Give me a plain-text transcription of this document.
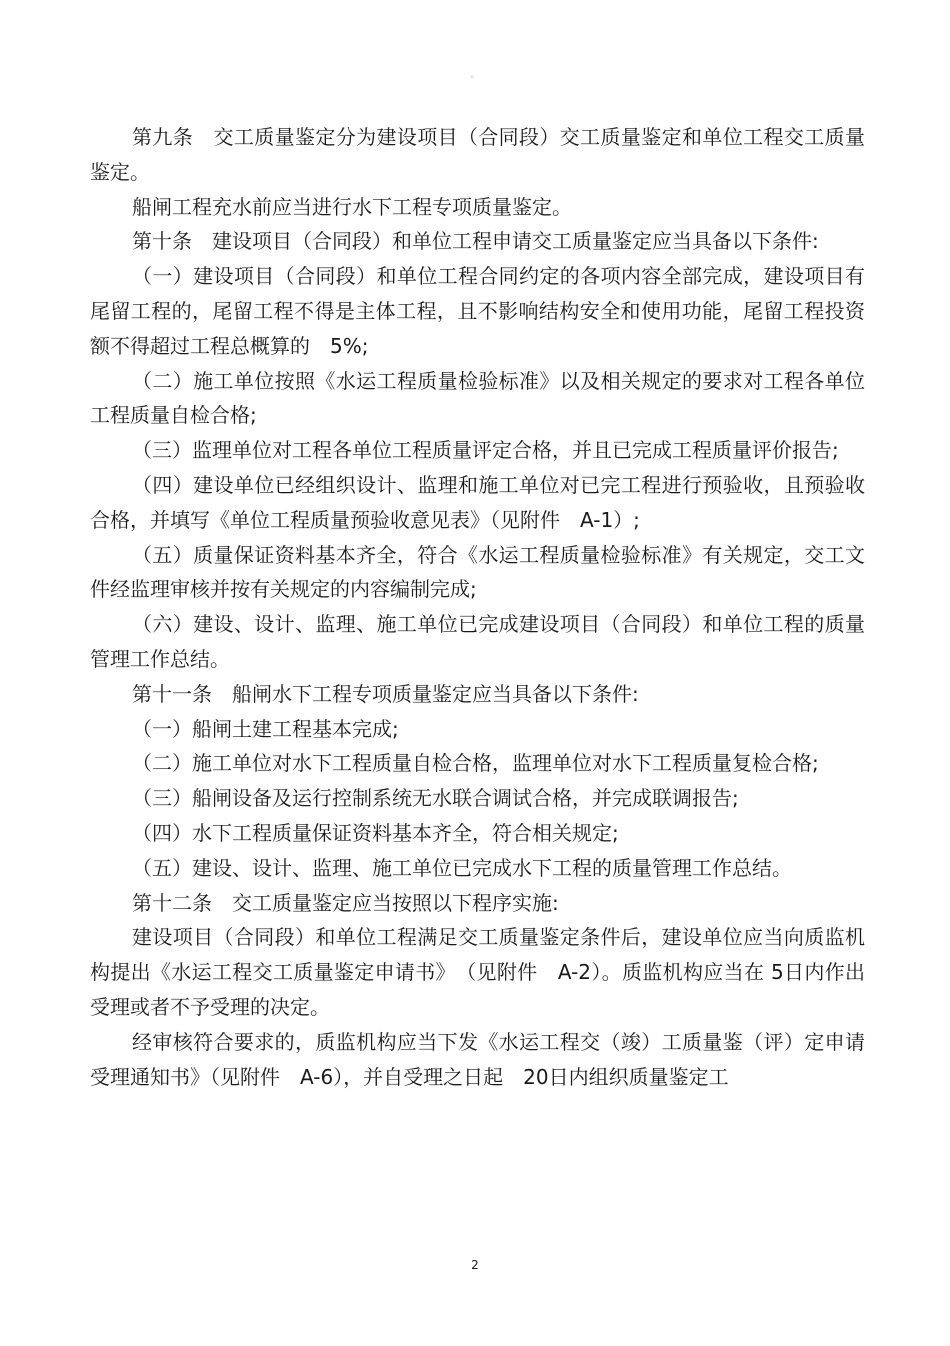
。

第九条　交工质量鉴定分为建设项目（合同段）交工质量鉴定和单位工程交工质量鉴定。

船闸工程充水前应当进行水下工程专项质量鉴定。

第十条　建设项目（合同段）和单位工程申请交工质量鉴定应当具备以下条件:

（一）建设项目（合同段）和单位工程合同约定的各项内容全部完成，建设项目有尾留工程的，尾留工程不得是主体工程，且不影响结构安全和使用功能，尾留工程投资额不得超过工程总概算的　5%;

（二）施工单位按照《水运工程质量检验标准》以及相关规定的要求对工程各单位工程质量自检合格;

（三）监理单位对工程各单位工程质量评定合格，并且已完成工程质量评价报告;

（四）建设单位已经组织设计、监理和施工单位对已完工程进行预验收，且预验收合格，并填写《单位工程质量预验收意见表》（见附件　A-1）;

（五）质量保证资料基本齐全，符合《水运工程质量检验标准》有关规定，交工文件经监理审核并按有关规定的内容编制完成;

（六）建设、设计、监理、施工单位已完成建设项目（合同段）和单位工程的质量管理工作总结。

第十一条　船闸水下工程专项质量鉴定应当具备以下条件:

（一）船闸土建工程基本完成;

（二）施工单位对水下工程质量自检合格，监理单位对水下工程质量复检合格;

（三）船闸设备及运行控制系统无水联合调试合格，并完成联调报告;

（四）水下工程质量保证资料基本齐全，符合相关规定;

（五）建设、设计、监理、施工单位已完成水下工程的质量管理工作总结。

第十二条　交工质量鉴定应当按照以下程序实施:

建设项目（合同段）和单位工程满足交工质量鉴定条件后，建设单位应当向质监机构提出《水运工程交工质量鉴定申请书》　（见附件　A-2）。质监机构应当在 5日内作出受理或者不予受理的决定。

经审核符合要求的，质监机构应当下发《水运工程交（竣）工质量鉴（评）定申请受理通知书》（见附件　A-6），并自受理之日起　20日内组织质量鉴定工

2
